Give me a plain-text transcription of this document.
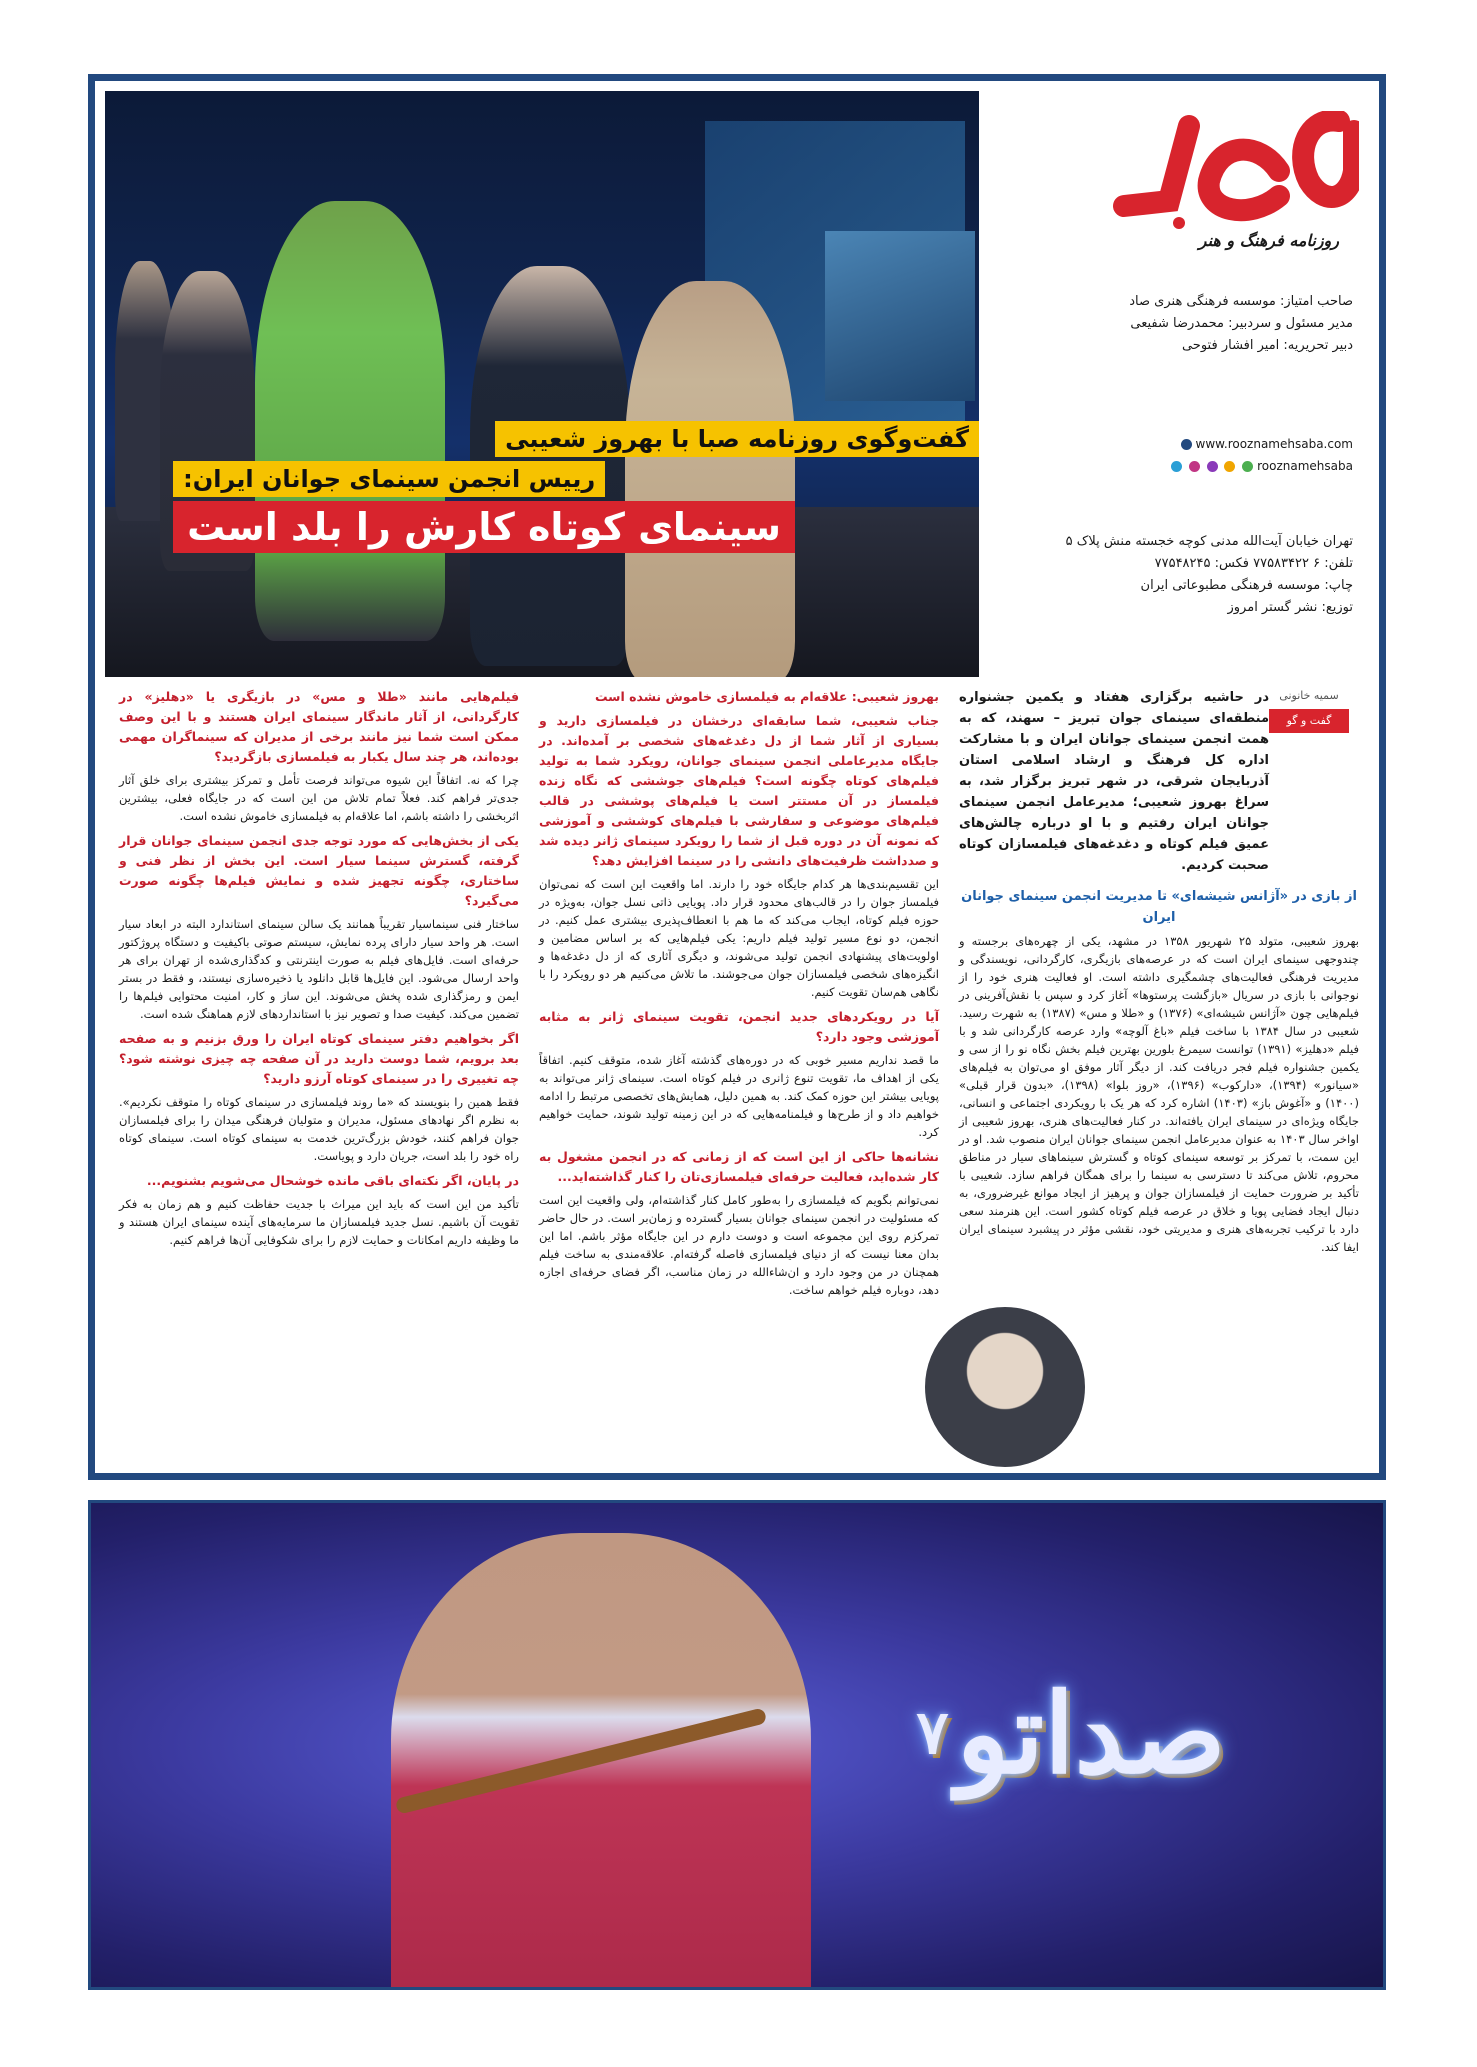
گفت‌وگوی روزنامه صبا با بهروز شعیبی
رییس انجمن سینمای جوانان ایران:
سینمای کوتاه کارش را بلد است
صبا
روزنامه فرهنگ و هنر
صاحب امتیاز: موسسه فرهنگی هنری صاد
مدیر مسئول و سردبیر: محمدرضا شفیعی
دبیر تحریریه: امیر افشار فتوحی
www.rooznamehsaba.com
rooznamehsaba
تهران خیابان آیت‌الله مدنی کوچه خجسته منش پلاک ۵
تلفن: ۶ ۷۷۵۸۳۴۲۲ فکس: ۷۷۵۴۸۲۴۵
چاپ: موسسه فرهنگی مطبوعاتی ایران
توزیع: نشر گستر امروز
سمیه خانونی
گفت و گو

در حاشیه برگزاری هفتاد و یکمین جشنواره منطقه‌ای سینمای جوان تبریز – سهند، که به همت انجمن سینمای جوانان ایران و با مشارکت اداره کل فرهنگ و ارشاد اسلامی استان آذربایجان شرقی، در شهر تبریز برگزار شد، به سراغ بهروز شعیبی؛ مدیرعامل انجمن سینمای جوانان ایران رفتیم و با او درباره چالش‌های عمیق فیلم کوتاه و دغدغه‌های فیلمسازان کوتاه صحبت کردیم.

از بازی در «آژانس شیشه‌ای» تا مدیریت انجمن سینمای جوانان ایران

بهروز شعیبی، متولد ۲۵ شهریور ۱۳۵۸ در مشهد، یکی از چهره‌های برجسته و چندوجهی سینمای ایران است که در عرصه‌های بازیگری، کارگردانی، نویسندگی و مدیریت فرهنگی فعالیت‌های چشمگیری داشته است. او فعالیت هنری خود را از نوجوانی با بازی در سریال «بازگشت پرستوها» آغاز کرد و سپس با نقش‌آفرینی در فیلم‌هایی چون «آژانس شیشه‌ای» (۱۳۷۶) و «طلا و مس» (۱۳۸۷) به شهرت رسید. شعیبی در سال ۱۳۸۴ با ساخت فیلم «باغ آلوچه» وارد عرصه کارگردانی شد و با فیلم «دهلیز» (۱۳۹۱) توانست سیمرغ بلورین بهترین فیلم بخش نگاه نو را از سی و یکمین جشنواره فیلم فجر دریافت کند. از دیگر آثار موفق او می‌توان به فیلم‌های «سیانور» (۱۳۹۴)، «دارکوب» (۱۳۹۶)، «روز بلوا» (۱۳۹۸)، «بدون قرار قبلی» (۱۴۰۰) و «آغوش باز» (۱۴۰۳) اشاره کرد که هر یک با رویکردی اجتماعی و انسانی، جایگاه ویژه‌ای در سینمای ایران یافته‌اند. در کنار فعالیت‌های هنری، بهروز شعیبی از اواخر سال ۱۴۰۳ به عنوان مدیرعامل انجمن سینمای جوانان ایران منصوب شد. او در این سمت، با تمرکز بر توسعه سینمای کوتاه و گسترش سینماهای سیار در مناطق محروم، تلاش می‌کند تا دسترسی به سینما را برای همگان فراهم سازد. شعیبی با تأکید بر ضرورت حمایت از فیلمسازان جوان و پرهیز از ایجاد موانع غیرضروری، به دنبال ایجاد فضایی پویا و خلاق در عرصه فیلم کوتاه کشور است. این هنرمند سعی دارد با ترکیب تجربه‌های هنری و مدیریتی خود، نقشی مؤثر در پیشبرد سینمای ایران ایفا کند.

بهروز شعیبی: علاقه‌ام به فیلمسازی خاموش نشده است
جناب شعیبی، شما سابقه‌ای درخشان در فیلمسازی دارید و بسیاری از آثار شما از دل دغدغه‌های شخصی بر آمده‌اند. در جایگاه مدیرعاملی انجمن سینمای جوانان، رویکرد شما به تولید فیلم‌های کوتاه چگونه است؟ فیلم‌های جوششی که نگاه زنده فیلمساز در آن مستتر است یا فیلم‌های پوششی در قالب فیلم‌های موضوعی و سفارشی با فیلم‌های کوششی و آموزشی که نمونه آن در دوره قبل از شما را رویکرد سینمای ژانر دیده شد و صدداشت ظرفیت‌های دانشی را در سینما افزایش دهد؟

این تقسیم‌بندی‌ها هر کدام جایگاه خود را دارند. اما واقعیت این است که نمی‌توان فیلمساز جوان را در قالب‌های محدود قرار داد. پویایی ذاتی نسل جوان، به‌ویژه در حوزه فیلم کوتاه، ایجاب می‌کند که ما هم با انعطاف‌پذیری بیشتری عمل کنیم. در انجمن، دو نوع مسیر تولید فیلم داریم: یکی فیلم‌هایی که بر اساس مضامین و اولویت‌های پیشنهادی انجمن تولید می‌شوند، و دیگری آثاری که از دل دغدغه‌ها و انگیزه‌های شخصی فیلمسازان جوان می‌جوشند. ما تلاش می‌کنیم هر دو رویکرد را با نگاهی هم‌سان تقویت کنیم.

آیا در رویکردهای جدید انجمن، تقویت سینمای ژانر به مثابه آموزشی وجود دارد؟

ما قصد نداریم مسیر خوبی که در دوره‌های گذشته آغاز شده، متوقف کنیم. اتفاقاً یکی از اهداف ما، تقویت تنوع ژانری در فیلم کوتاه است. سینمای ژانر می‌تواند به پویایی بیشتر این حوزه کمک کند. به همین دلیل، همایش‌های تخصصی مرتبط را ادامه خواهیم داد و از طرح‌ها و فیلمنامه‌هایی که در این زمینه تولید شوند، حمایت خواهیم کرد.

نشانه‌ها حاکی از این است که از زمانی که در انجمن مشغول به کار شده‌اید، فعالیت حرفه‌ای فیلمسازی‌تان را کنار گذاشته‌اید...

نمی‌توانم بگویم که فیلمسازی را به‌طور کامل کنار گذاشته‌ام، ولی واقعیت این است که مسئولیت در انجمن سینمای جوانان بسیار گسترده و زمان‌بر است. در حال حاضر تمرکزم روی این مجموعه است و دوست دارم در این جایگاه مؤثر باشم. اما این بدان معنا نیست که از دنیای فیلمسازی فاصله گرفته‌ام. علاقه‌مندی به ساخت فیلم همچنان در من وجود دارد و ان‌شاءالله در زمان مناسب، اگر فضای حرفه‌ای اجازه دهد، دوباره فیلم خواهم ساخت.

فیلم‌هایی مانند «طلا و مس» در بازیگری یا «دهلیز» در کارگردانی، از آثار ماندگار سینمای ایران هستند و با این وصف ممکن است شما نیز مانند برخی از مدیران که سینماگران مهمی بوده‌اند، هر چند سال یکبار به فیلمسازی بازگردید؟

چرا که نه. اتفاقاً این شیوه می‌تواند فرصت تأمل و تمرکز بیشتری برای خلق آثار جدی‌تر فراهم کند. فعلاً تمام تلاش من این است که در جایگاه فعلی، بیشترین اثربخشی را داشته باشم، اما علاقه‌ام به فیلمسازی خاموش نشده است.

یکی از بخش‌هایی که مورد توجه جدی انجمن سینمای جوانان قرار گرفته، گسترش سینما سیار است. این بخش از نظر فنی و ساختاری، چگونه تجهیز شده و نمایش فیلم‌ها چگونه صورت می‌گیرد؟

ساختار فنی سینماسیار تقریباً همانند یک سالن سینمای استاندارد البته در ابعاد سیار است. هر واحد سیار دارای پرده نمایش، سیستم صوتی باکیفیت و دستگاه پروژکتور حرفه‌ای است. فایل‌های فیلم به صورت اینترنتی و کدگذاری‌شده از تهران برای هر واحد ارسال می‌شود. این فایل‌ها قابل دانلود یا ذخیره‌سازی نیستند، و فقط در بستر ایمن و رمزگذاری شده پخش می‌شوند. این ساز و کار، امنیت محتوایی فیلم‌ها را تضمین می‌کند. کیفیت صدا و تصویر نیز با استانداردهای لازم هماهنگ شده است.

اگر بخواهیم دفتر سینمای کوتاه ایران را ورق بزنیم و به صفحه بعد برویم، شما دوست دارید در آن صفحه چه چیزی نوشته شود؟ چه تغییری را در سینمای کوتاه آرزو دارید؟

فقط همین را بنویسند که «ما روند فیلمسازی در سینمای کوتاه را متوقف نکردیم». به نظرم اگر نهادهای مسئول، مدیران و متولیان فرهنگی میدان را برای فیلمسازان جوان فراهم کنند، خودش بزرگ‌ترین خدمت به سینمای کوتاه است. سینمای کوتاه راه خود را بلد است، جریان دارد و پویاست.

در پایان، اگر نکته‌ای باقی مانده خوشحال می‌شویم بشنویم...

تأکید من این است که باید این میراث با جدیت حفاظت کنیم و هم زمان به فکر تقویت آن باشیم. نسل جدید فیلمسازان ما سرمایه‌های آینده سینمای ایران هستند و ما وظیفه داریم امکانات و حمایت لازم را برای شکوفایی آن‌ها فراهم کنیم.

صداتو
۷
